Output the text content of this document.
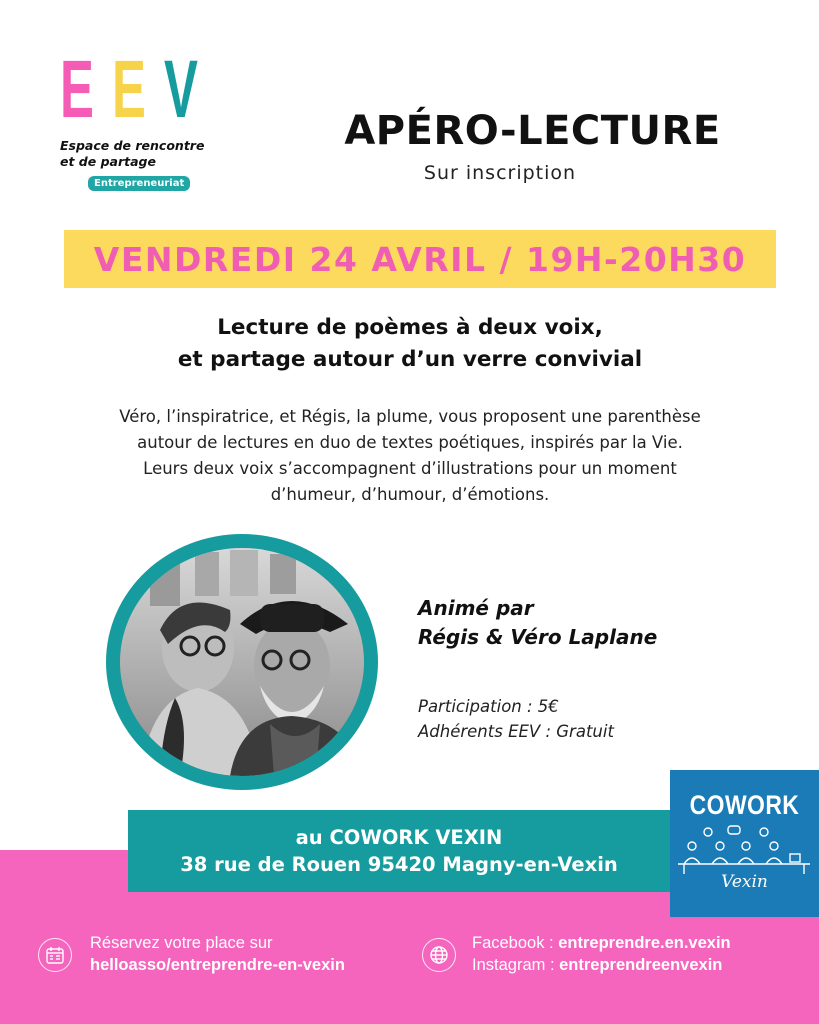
E E V
Espace de rencontre
et de partage
Entrepreneuriat
APÉRO-LECTURE
Sur inscription
VENDREDI 24 AVRIL / 19H-20H30
Lecture de poèmes à deux voix,
et partage autour d’un verre convivial
Véro, l’inspiratrice, et Régis, la plume, vous proposent une parenthèse
autour de lectures en duo de textes poétiques, inspirés par la Vie.
Leurs deux voix s’accompagnent d’illustrations pour un moment
d’humeur, d’humour, d’émotions.
Animé par
Régis & Véro Laplane
Participation : 5€
Adhérents EEV : Gratuit
au COWORK VEXIN
38 rue de Rouen 95420 Magny-en-Vexin
COWORK
Vexin
Réservez votre place sur
helloasso/entreprendre-en-vexin
Facebook : entreprendre.en.vexin
Instagram : entreprendreenvexin
